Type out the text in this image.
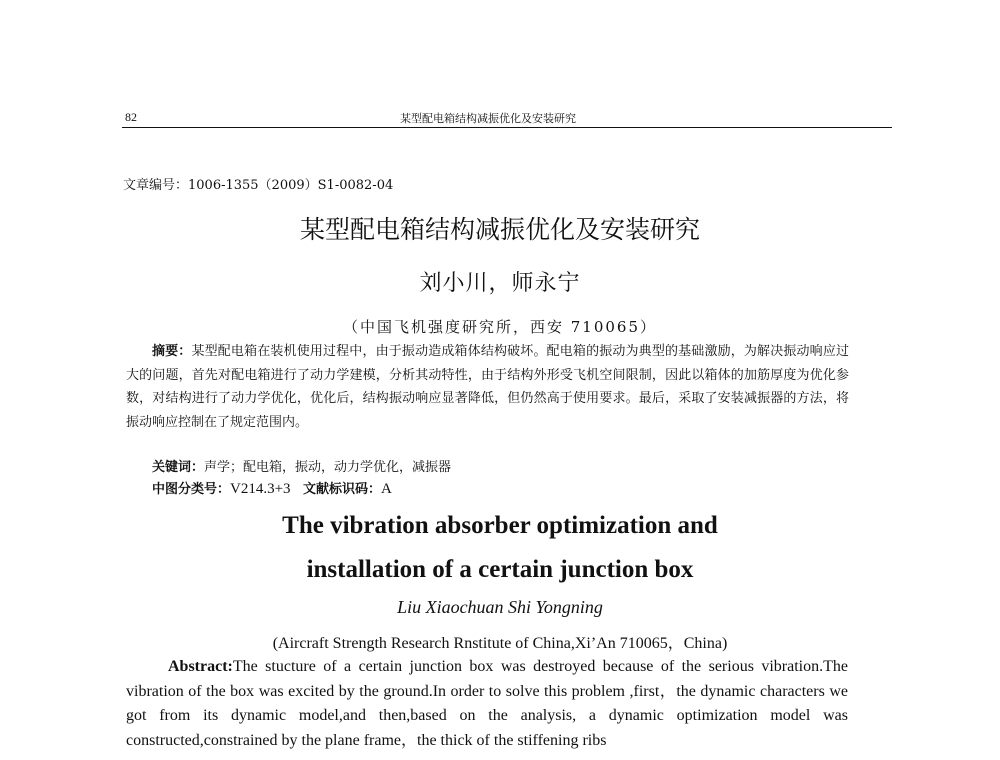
82	某型配电箱结构减振优化及安装研究
文章编号：1006-1355（2009）S1-0082-04
某型配电箱结构减振优化及安装研究
刘小川，师永宁
（中国飞机强度研究所，西安 710065）

摘要：某型配电箱在装机使用过程中，由于振动造成箱体结构破坏。配电箱的振动为典型的基础激励，为解决振动响应过大的问题，首先对配电箱进行了动力学建模，分析其动特性，由于结构外形受飞机空间限制，因此以箱体的加筋厚度为优化参数，对结构进行了动力学优化，优化后，结构振动响应显著降低，但仍然高于使用要求。最后，采取了安装减振器的方法，将振动响应控制在了规定范围内。

关键词：声学；配电箱，振动，动力学优化，减振器
中图分类号：V214.3+3 文献标识码：A
The vibration absorber optimization and
installation of a certain junction box
Liu Xiaochuan Shi Yongning
(Aircraft Strength Research Rnstitute of China,Xi’An 710065，China)

Abstract:The stucture of a certain junction box was destroyed because of the serious vibration.The vibration of the box was excited by the ground.In order to solve this problem ,first，the dynamic characters we got from its dynamic model,and then,based on the analysis, a dynamic optimization model was constructed,constrained by the plane frame，the thick of the stiffening ribs
